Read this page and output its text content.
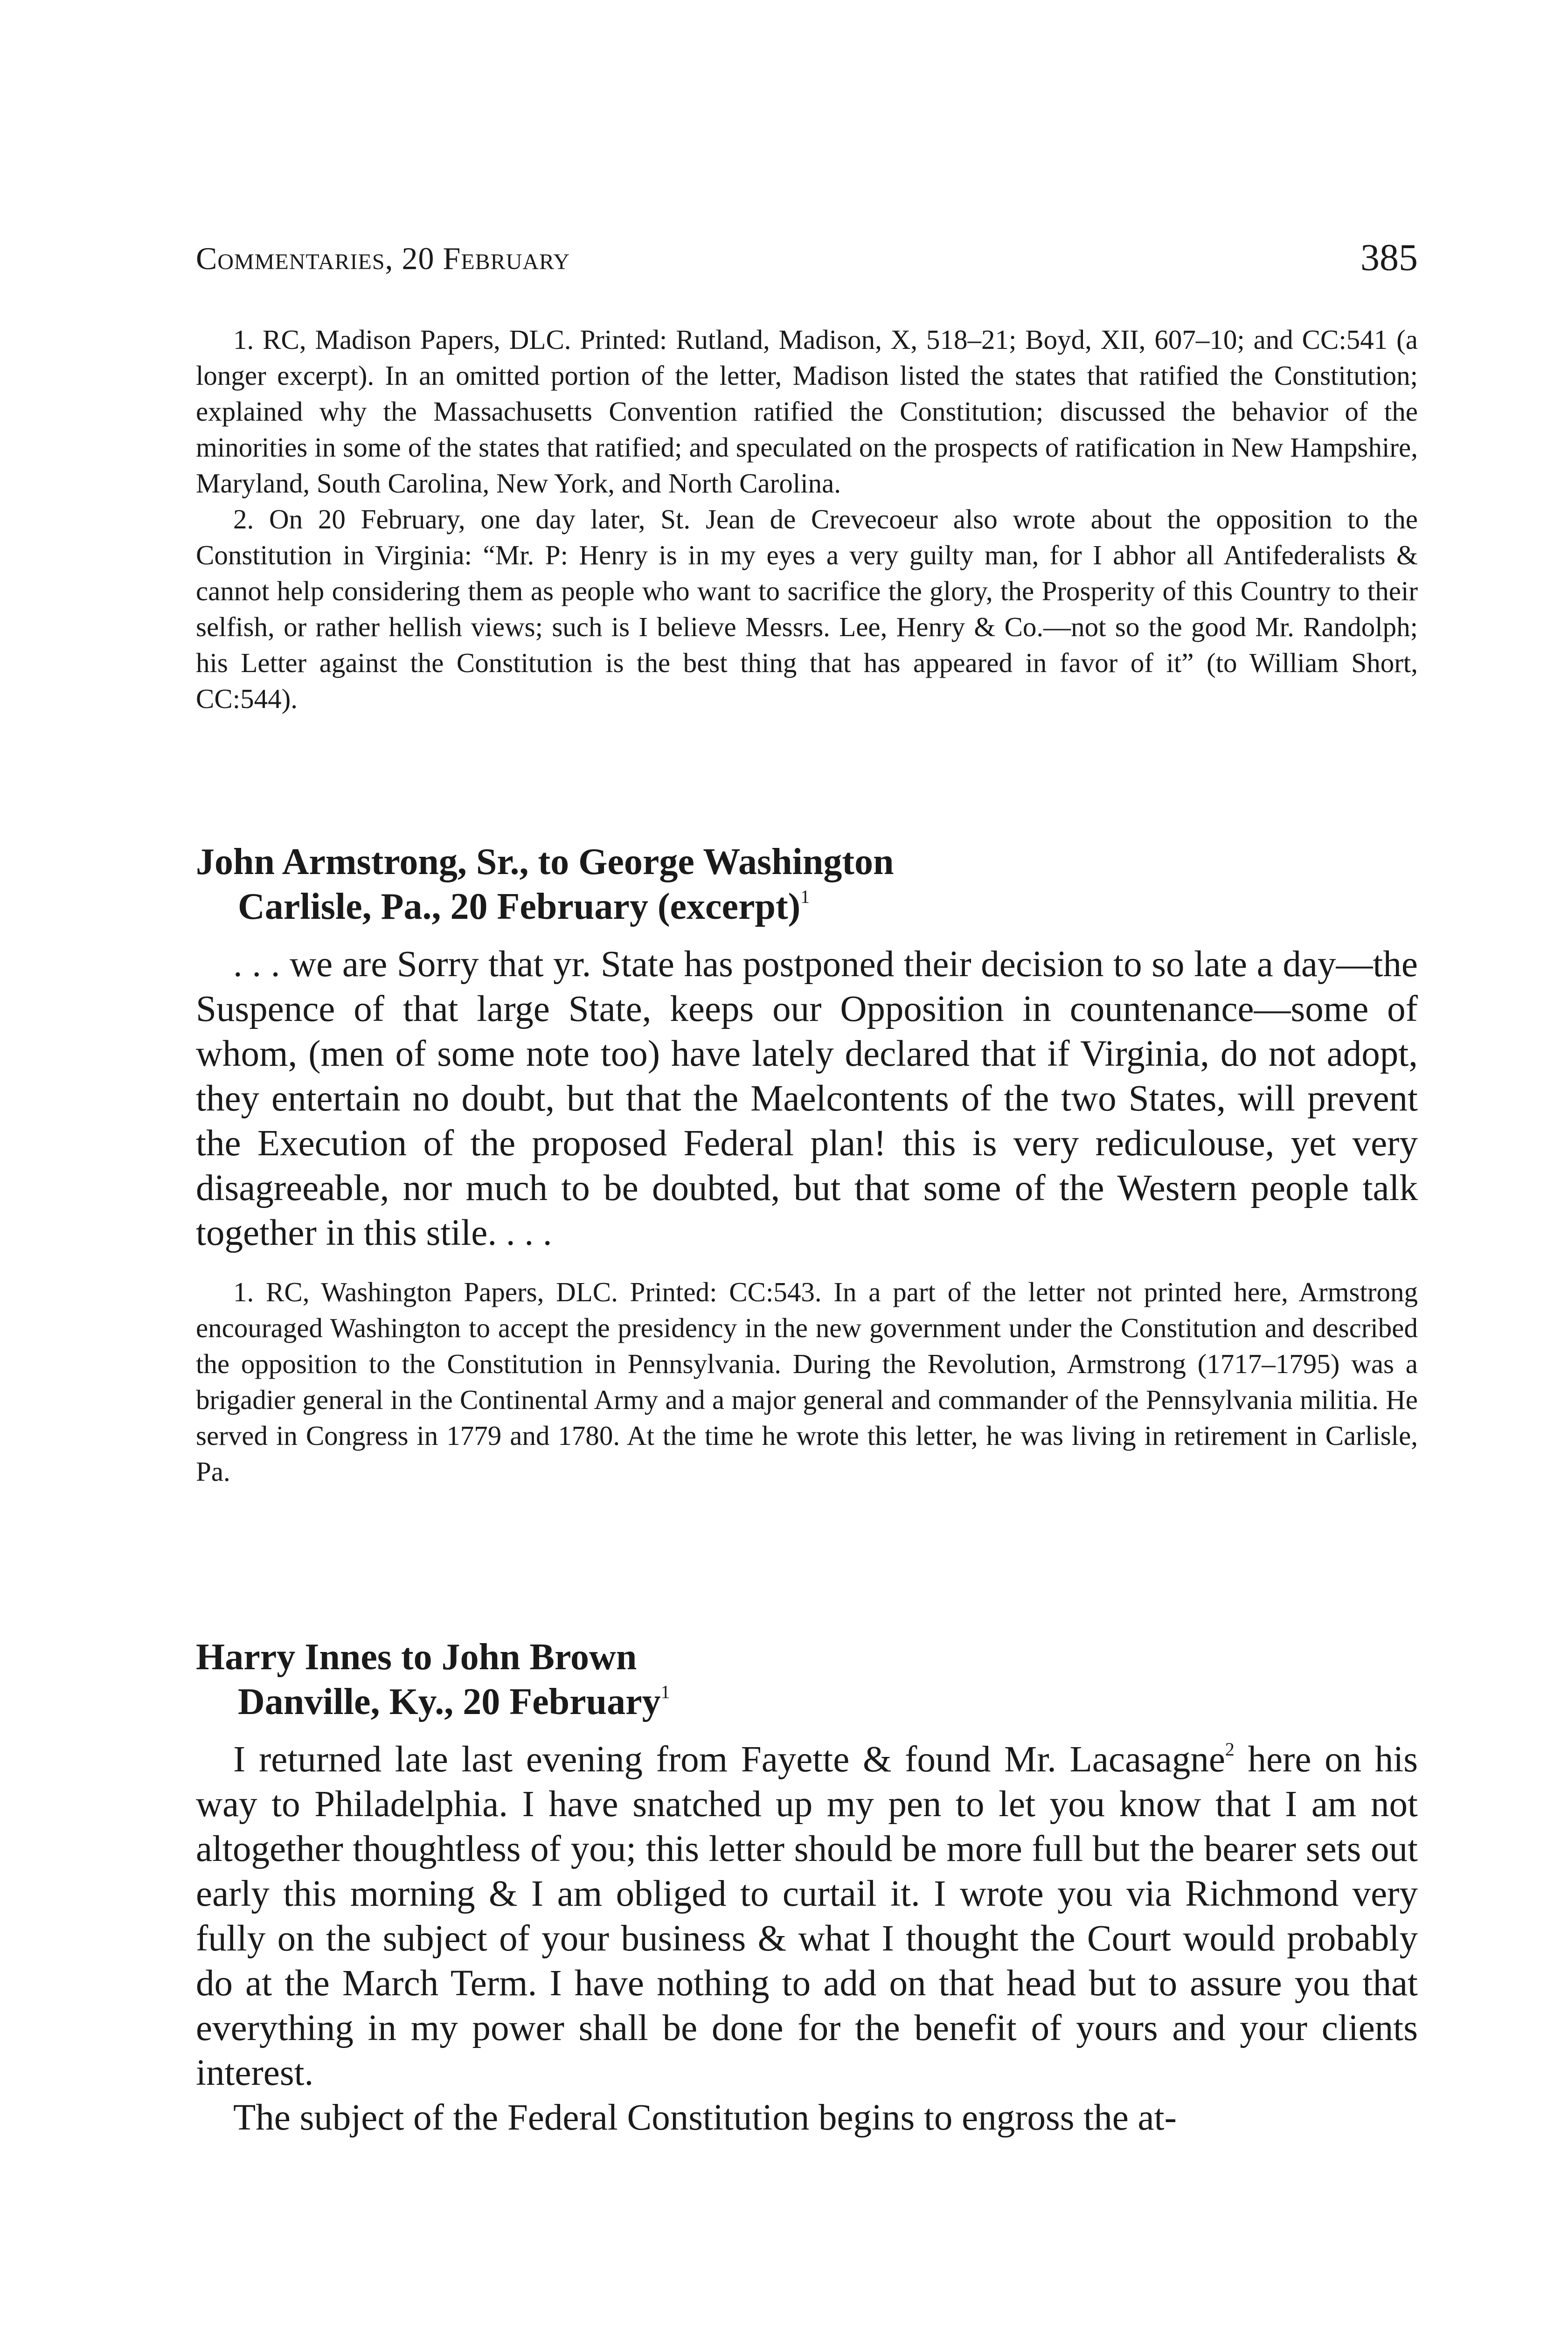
Commentaries, 20 February	385

1. RC, Madison Papers, DLC. Printed: Rutland, Madison, X, 518–21; Boyd, XII, 607–10; and CC:541 (a longer excerpt). In an omitted portion of the letter, Madison listed the states that ratified the Constitution; explained why the Massachusetts Convention ratified the Constitution; discussed the behavior of the minorities in some of the states that ratified; and speculated on the prospects of ratification in New Hampshire, Maryland, South Carolina, New York, and North Carolina.

2. On 20 February, one day later, St. Jean de Crevecoeur also wrote about the opposition to the Constitution in Virginia: “Mr. P: Henry is in my eyes a very guilty man, for I abhor all Antifederalists & cannot help considering them as people who want to sacrifice the glory, the Prosperity of this Country to their selfish, or rather hellish views; such is I believe Messrs. Lee, Henry & Co.—not so the good Mr. Randolph; his Letter against the Constitution is the best thing that has appeared in favor of it” (to William Short, CC:544).

John Armstrong, Sr., to George Washington
Carlisle, Pa., 20 February (excerpt)$^1$

. . . we are Sorry that yr. State has postponed their decision to so late a day—the Suspence of that large State, keeps our Opposition in countenance—some of whom, (men of some note too) have lately declared that if Virginia, do not adopt, they entertain no doubt, but that the Maelcontents of the two States, will prevent the Execution of the proposed Federal plan! this is very rediculouse, yet very disagreeable, nor much to be doubted, but that some of the Western people talk together in this stile. . . .

1. RC, Washington Papers, DLC. Printed: CC:543. In a part of the letter not printed here, Armstrong encouraged Washington to accept the presidency in the new government under the Constitution and described the opposition to the Constitution in Pennsylvania. During the Revolution, Armstrong (1717–1795) was a brigadier general in the Continental Army and a major general and commander of the Pennsylvania militia. He served in Congress in 1779 and 1780. At the time he wrote this letter, he was living in retirement in Carlisle, Pa.

Harry Innes to John Brown
Danville, Ky., 20 February$^1$

I returned late last evening from Fayette & found Mr. Lacasagne$^2$ here on his way to Philadelphia. I have snatched up my pen to let you know that I am not altogether thoughtless of you; this letter should be more full but the bearer sets out early this morning & I am obliged to curtail it. I wrote you via Richmond very fully on the subject of your business & what I thought the Court would probably do at the March Term. I have nothing to add on that head but to assure you that everything in my power shall be done for the benefit of yours and your clients interest.

The subject of the Federal Constitution begins to engross the at-
